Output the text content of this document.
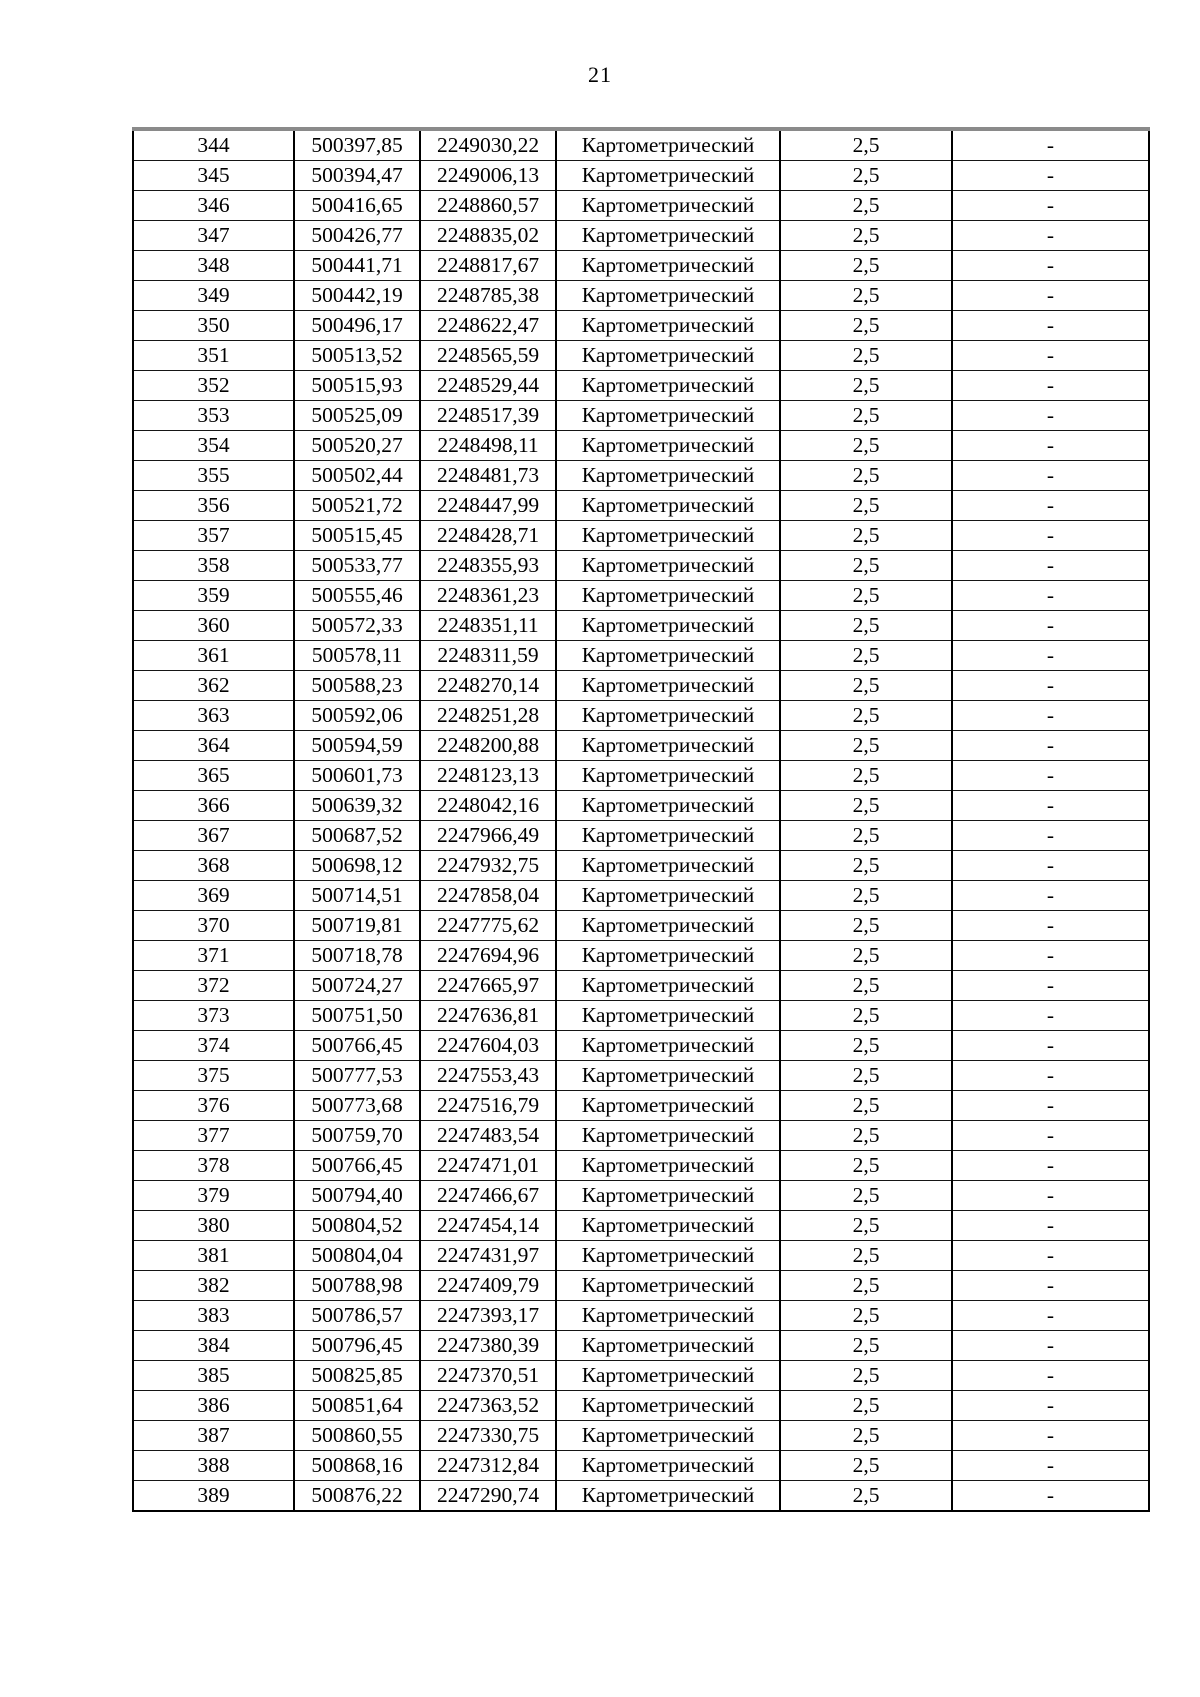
21
344	500397,85	2249030,22	Картометрический	2,5	-
345	500394,47	2249006,13	Картометрический	2,5	-
346	500416,65	2248860,57	Картометрический	2,5	-
347	500426,77	2248835,02	Картометрический	2,5	-
348	500441,71	2248817,67	Картометрический	2,5	-
349	500442,19	2248785,38	Картометрический	2,5	-
350	500496,17	2248622,47	Картометрический	2,5	-
351	500513,52	2248565,59	Картометрический	2,5	-
352	500515,93	2248529,44	Картометрический	2,5	-
353	500525,09	2248517,39	Картометрический	2,5	-
354	500520,27	2248498,11	Картометрический	2,5	-
355	500502,44	2248481,73	Картометрический	2,5	-
356	500521,72	2248447,99	Картометрический	2,5	-
357	500515,45	2248428,71	Картометрический	2,5	-
358	500533,77	2248355,93	Картометрический	2,5	-
359	500555,46	2248361,23	Картометрический	2,5	-
360	500572,33	2248351,11	Картометрический	2,5	-
361	500578,11	2248311,59	Картометрический	2,5	-
362	500588,23	2248270,14	Картометрический	2,5	-
363	500592,06	2248251,28	Картометрический	2,5	-
364	500594,59	2248200,88	Картометрический	2,5	-
365	500601,73	2248123,13	Картометрический	2,5	-
366	500639,32	2248042,16	Картометрический	2,5	-
367	500687,52	2247966,49	Картометрический	2,5	-
368	500698,12	2247932,75	Картометрический	2,5	-
369	500714,51	2247858,04	Картометрический	2,5	-
370	500719,81	2247775,62	Картометрический	2,5	-
371	500718,78	2247694,96	Картометрический	2,5	-
372	500724,27	2247665,97	Картометрический	2,5	-
373	500751,50	2247636,81	Картометрический	2,5	-
374	500766,45	2247604,03	Картометрический	2,5	-
375	500777,53	2247553,43	Картометрический	2,5	-
376	500773,68	2247516,79	Картометрический	2,5	-
377	500759,70	2247483,54	Картометрический	2,5	-
378	500766,45	2247471,01	Картометрический	2,5	-
379	500794,40	2247466,67	Картометрический	2,5	-
380	500804,52	2247454,14	Картометрический	2,5	-
381	500804,04	2247431,97	Картометрический	2,5	-
382	500788,98	2247409,79	Картометрический	2,5	-
383	500786,57	2247393,17	Картометрический	2,5	-
384	500796,45	2247380,39	Картометрический	2,5	-
385	500825,85	2247370,51	Картометрический	2,5	-
386	500851,64	2247363,52	Картометрический	2,5	-
387	500860,55	2247330,75	Картометрический	2,5	-
388	500868,16	2247312,84	Картометрический	2,5	-
389	500876,22	2247290,74	Картометрический	2,5	-
